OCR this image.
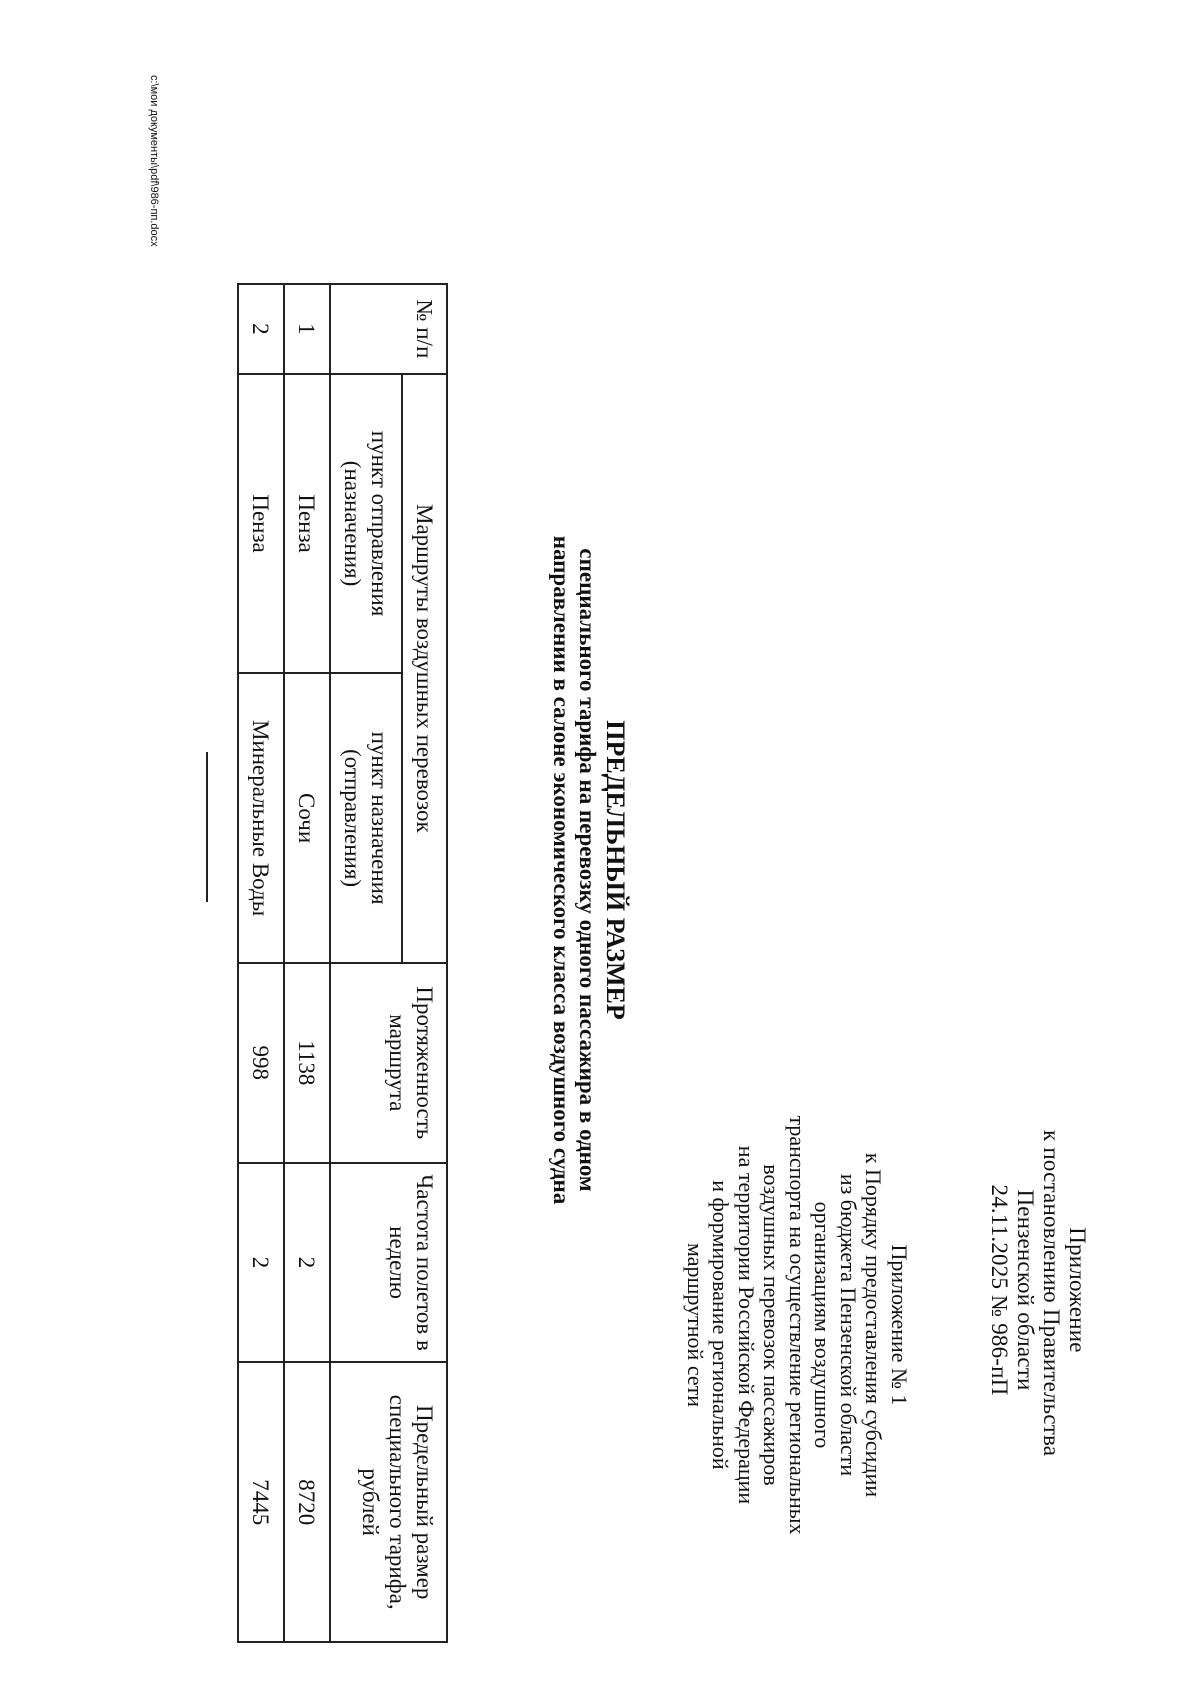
Приложение
к постановлению Правительства
Пензенской области
24.11.2025 № 986-пП
Приложение № 1
к Порядку предоставления субсидии
из бюджета Пензенской области
организациям воздушного
транспорта на осуществление региональных
воздушных перевозок пассажиров
на территории Российской Федерации
и формирование региональной
маршрутной сети
ПРЕДЕЛЬНЫЙ РАЗМЕР
специального тарифа на перевозку одного пассажира в одном
направлении в салоне экономического класса воздушного судна
№ п/п	Маршруты воздушных перевозок		Протяженность маршрута	Частота полетов в неделю	Предельный размер специального тарифа, рублей
	пункт отправления (назначения)	пункт назначения (отправления)			
1	Пенза	Сочи	1138	2	8720
2	Пенза	Минеральные Воды	998	2	7445
c:\мои документы\pdf\986-пп.docx
